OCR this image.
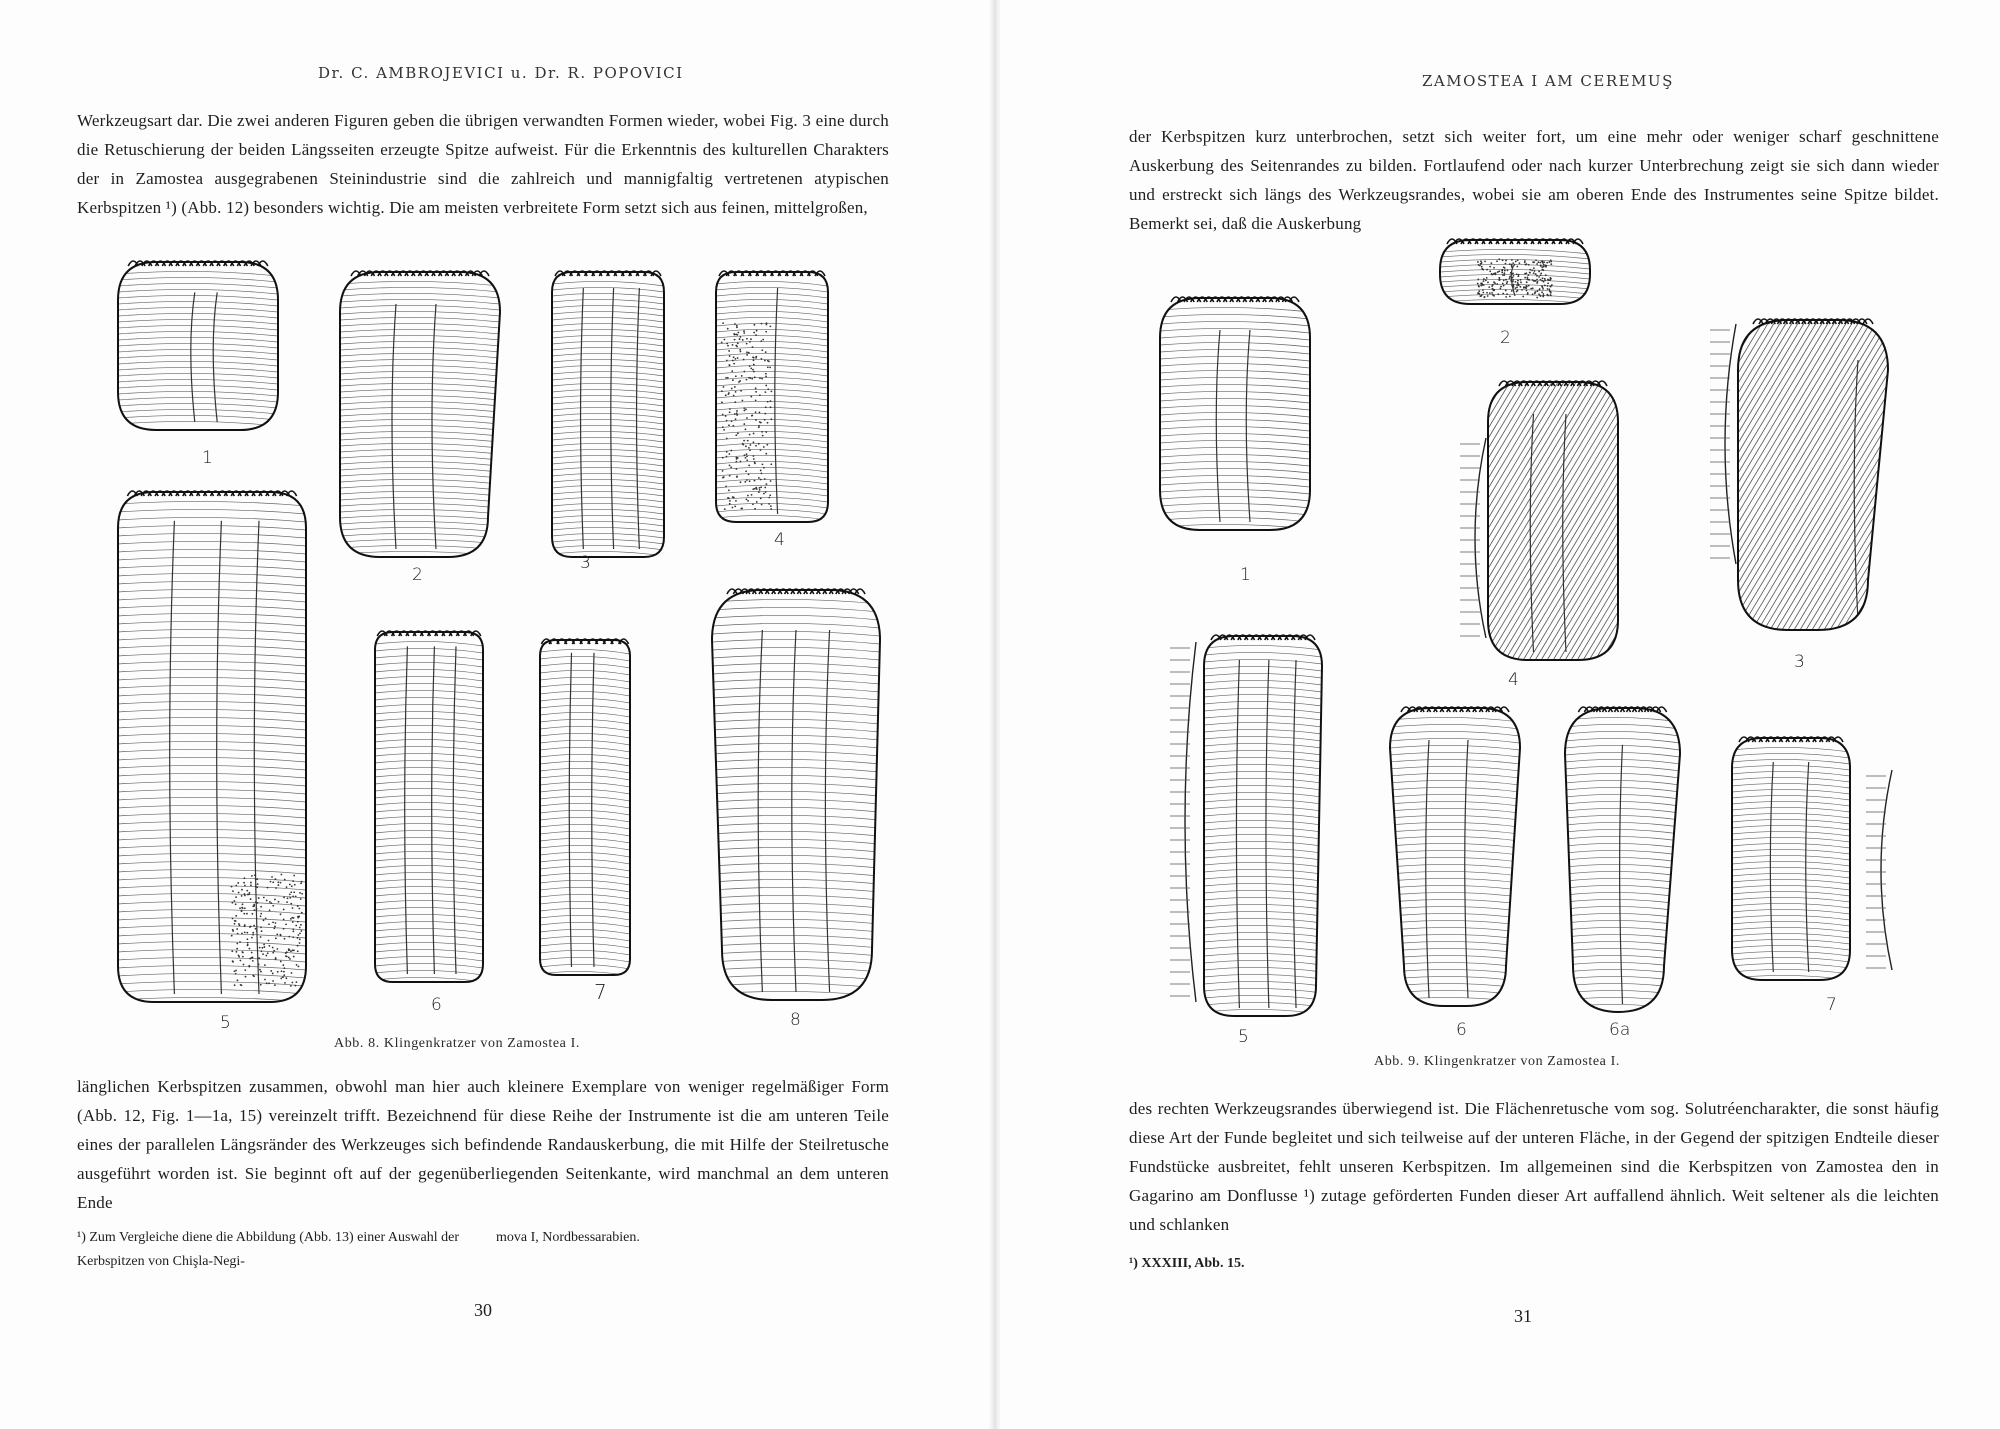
Dr. C. AMBROJEVICI u. Dr. R. POPOVICI

Werkzeugsart dar. Die zwei anderen Figuren geben die übrigen verwandten Formen wieder, wobei Fig. 3 eine durch die Retuschierung der beiden Längsseiten erzeugte Spitze aufweist. Für die Erkenntnis des kulturellen Charakters der in Zamostea ausgegrabenen Steinindustrie sind die zahlreich und mannigfaltig vertretenen atypischen Kerbspitzen ¹) (Abb. 12) besonders wichtig. Die am meisten verbreitete Form setzt sich aus feinen, mittelgroßen,

1
2
3
4
5
6
7
8
Abb. 8. Klingenkratzer von Zamostea I.

länglichen Kerbspitzen zusammen, obwohl man hier auch kleinere Exemplare von weniger regelmäßiger Form (Abb. 12, Fig. 1—1a, 15) vereinzelt trifft. Bezeichnend für diese Reihe der Instrumente ist die am unteren Teile eines der parallelen Längsränder des Werkzeuges sich befindende Randauskerbung, die mit Hilfe der Steilretusche ausgeführt worden ist. Sie beginnt oft auf der gegenüberliegenden Seitenkante, wird manchmal an dem unteren Ende

¹) Zum Vergleiche diene die Abbildung (Abb. 13) einer Auswahl der Kerbspitzen von Chişla-Negi-

mova I, Nordbessarabien.

30
ZAMOSTEA I AM CEREMUŞ

der Kerbspitzen kurz unterbrochen, setzt sich weiter fort, um eine mehr oder weniger scharf geschnittene Auskerbung des Seitenrandes zu bilden. Fortlaufend oder nach kurzer Unterbrechung zeigt sie sich dann wieder und erstreckt sich längs des Werkzeugsrandes, wobei sie am oberen Ende des Instrumentes seine Spitze bildet. Bemerkt sei, daß die Auskerbung

2
1
4
3
5	6	6a
7
Abb. 9. Klingenkratzer von Zamostea I.

des rechten Werkzeugsrandes überwiegend ist. Die Flächenretusche vom sog. Solutréencharakter, die sonst häufig diese Art der Funde begleitet und sich teilweise auf der unteren Fläche, in der Gegend der spitzigen Endteile dieser Fundstücke ausbreitet, fehlt unseren Kerbspitzen. Im allgemeinen sind die Kerbspitzen von Zamostea den in Gagarino am Donflusse ¹) zutage geförderten Funden dieser Art auffallend ähnlich. Weit seltener als die leichten und schlanken

¹) XXXIII, Abb. 15.

31
